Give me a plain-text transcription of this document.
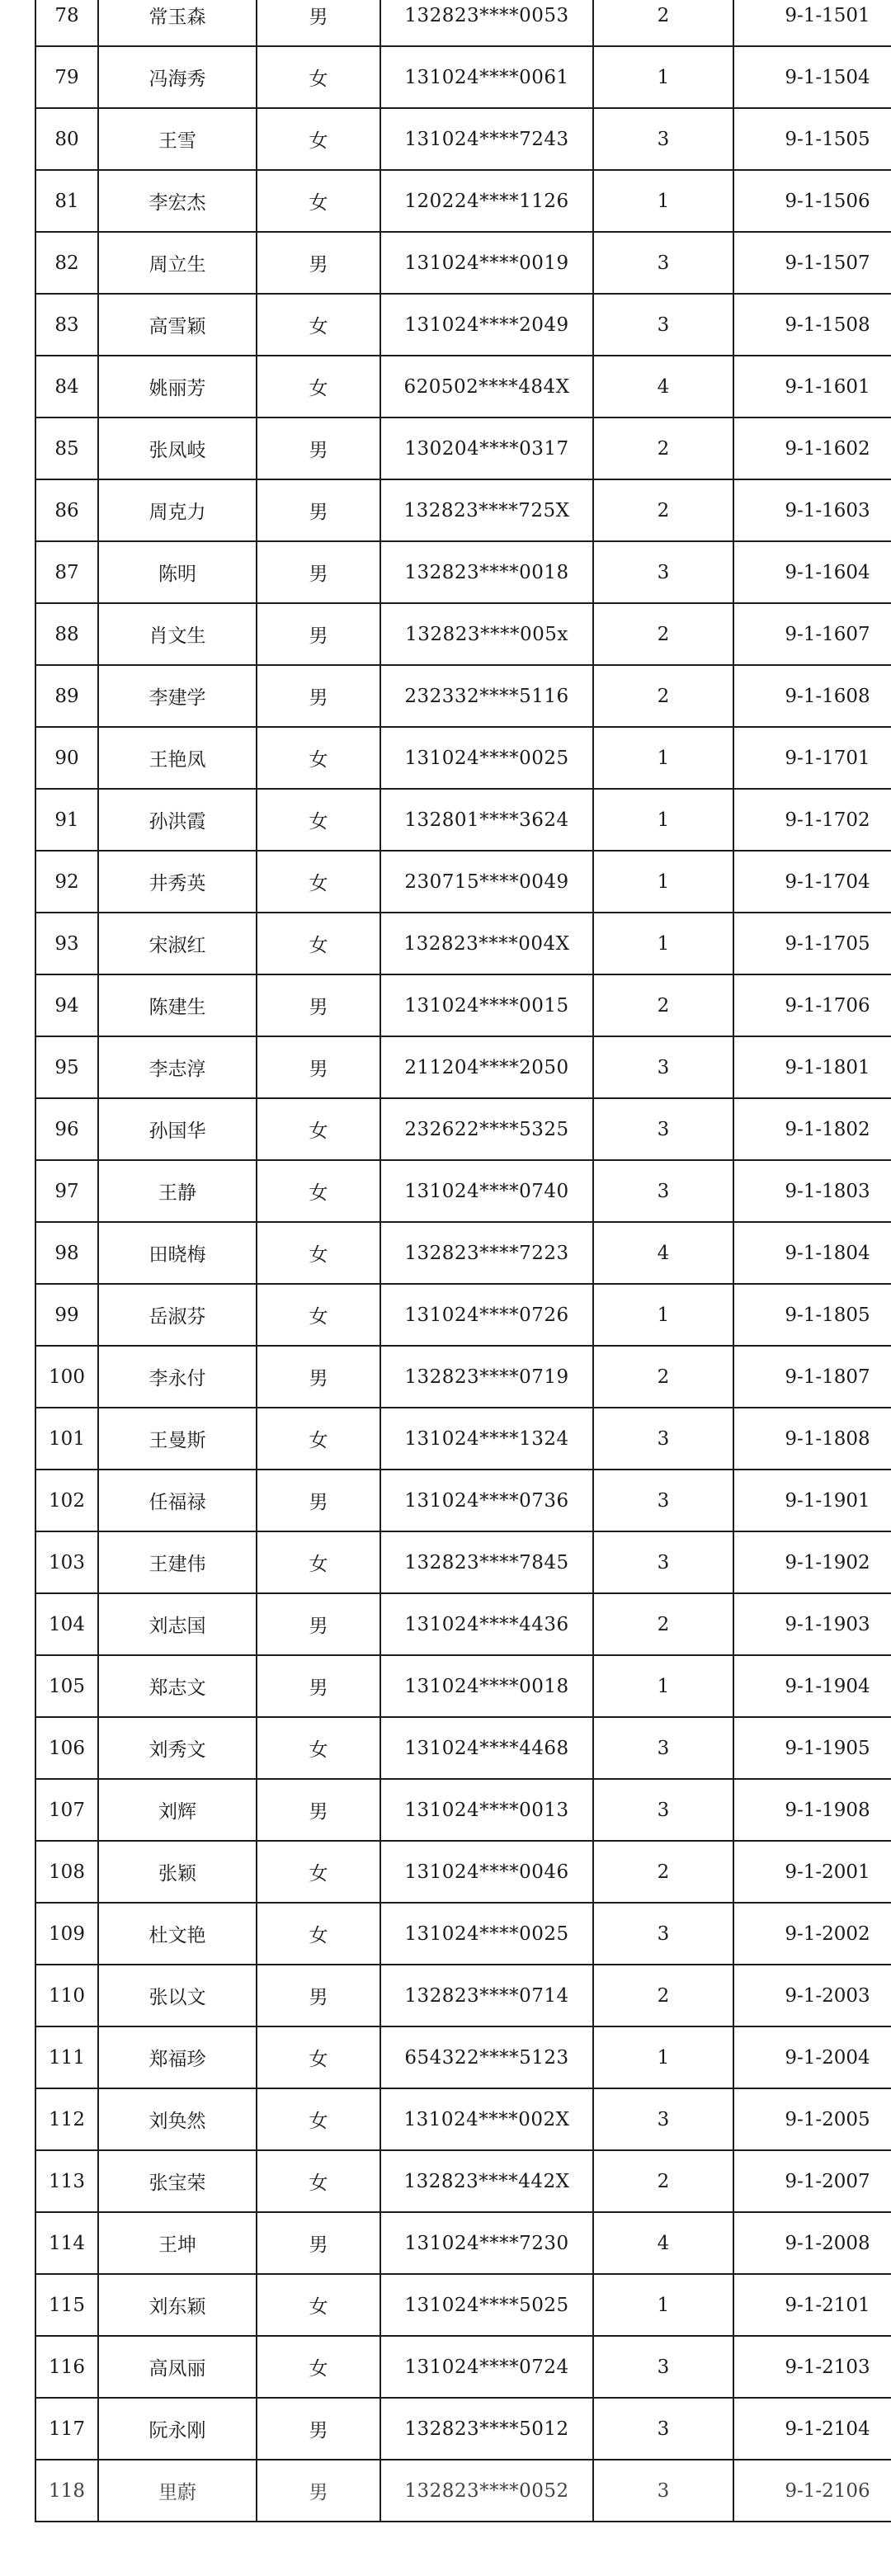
78	常玉森	男	132823****0053	2	9-1-1501
79	冯海秀	女	131024****0061	1	9-1-1504
80	王雪	女	131024****7243	3	9-1-1505
81	李宏杰	女	120224****1126	1	9-1-1506
82	周立生	男	131024****0019	3	9-1-1507
83	高雪颖	女	131024****2049	3	9-1-1508
84	姚丽芳	女	620502****484X	4	9-1-1601
85	张凤岐	男	130204****0317	2	9-1-1602
86	周克力	男	132823****725X	2	9-1-1603
87	陈明	男	132823****0018	3	9-1-1604
88	肖文生	男	132823****005x	2	9-1-1607
89	李建学	男	232332****5116	2	9-1-1608
90	王艳凤	女	131024****0025	1	9-1-1701
91	孙洪霞	女	132801****3624	1	9-1-1702
92	井秀英	女	230715****0049	1	9-1-1704
93	宋淑红	女	132823****004X	1	9-1-1705
94	陈建生	男	131024****0015	2	9-1-1706
95	李志淳	男	211204****2050	3	9-1-1801
96	孙国华	女	232622****5325	3	9-1-1802
97	王静	女	131024****0740	3	9-1-1803
98	田晓梅	女	132823****7223	4	9-1-1804
99	岳淑芬	女	131024****0726	1	9-1-1805
100	李永付	男	132823****0719	2	9-1-1807
101	王曼斯	女	131024****1324	3	9-1-1808
102	任福禄	男	131024****0736	3	9-1-1901
103	王建伟	女	132823****7845	3	9-1-1902
104	刘志国	男	131024****4436	2	9-1-1903
105	郑志文	男	131024****0018	1	9-1-1904
106	刘秀文	女	131024****4468	3	9-1-1905
107	刘辉	男	131024****0013	3	9-1-1908
108	张颖	女	131024****0046	2	9-1-2001
109	杜文艳	女	131024****0025	3	9-1-2002
110	张以文	男	132823****0714	2	9-1-2003
111	郑福珍	女	654322****5123	1	9-1-2004
112	刘奂然	女	131024****002X	3	9-1-2005
113	张宝荣	女	132823****442X	2	9-1-2007
114	王坤	男	131024****7230	4	9-1-2008
115	刘东颖	女	131024****5025	1	9-1-2101
116	高凤丽	女	131024****0724	3	9-1-2103
117	阮永刚	男	132823****5012	3	9-1-2104
118	里蔚	男	132823****0052	3	9-1-2106
